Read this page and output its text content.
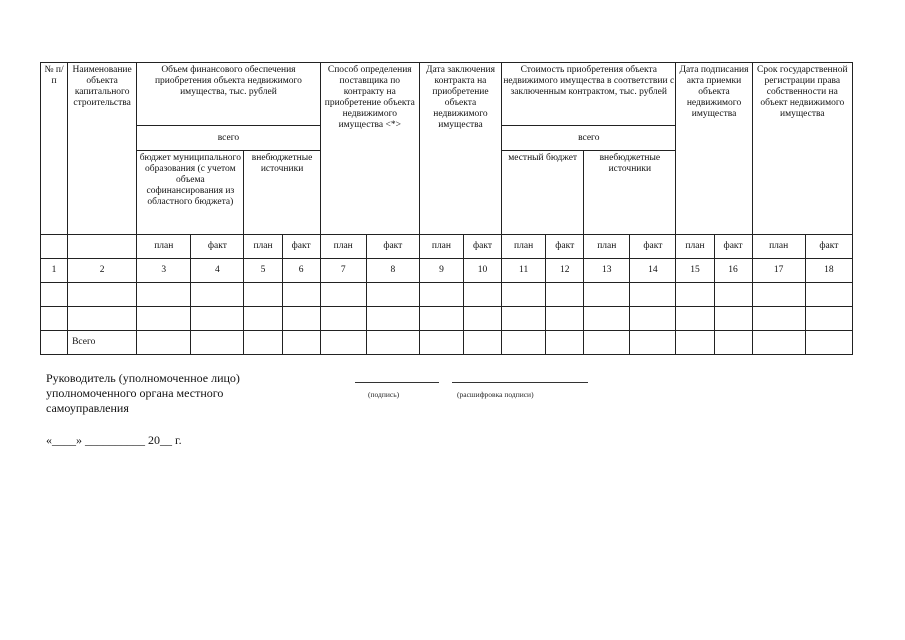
№ п/п	Наименование объекта капитального строительства	Объем финансового обеспечения приобретения объекта недвижимого имущества, тыс. рублей				Способ определения поставщика по контракту на приобретение объекта недвижимого имущества <*>		Дата заключения контракта на приобретение объекта недвижимого имущества		Стоимость приобретения объекта недвижимого имущества в соответствии с заключенным контрактом, тыс. рублей				Дата подписания акта приемки объекта недвижимого имущества		Срок государственной регистрации права собственности на объект недвижимого имущества	
		всего								всего							
		бюджет муниципального образования (с учетом объема софинансирования из областного бюджета)		внебюджетные источники						местный бюджет		внебюджетные источники					
		план	факт	план	факт	план	факт	план	факт	план	факт	план	факт	план	факт	план	факт
1	2	3	4	5	6	7	8	9	10	11	12	13	14	15	16	17	18

	Всего																
Руководитель (уполномоченное лицо)
уполномоченного органа местного
самоуправления
(подпись)	(расшифровка подписи)
«____» __________ 20__ г.
